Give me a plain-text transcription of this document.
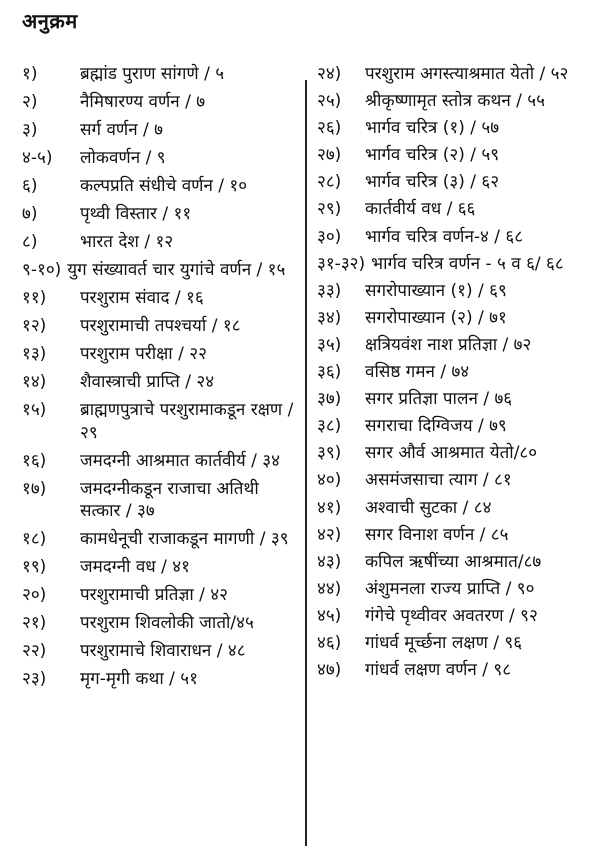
अनुक्रम
१)	ब्रह्मांड पुराण सांगणे / ५
२)	नैमिषारण्य वर्णन / ७
३)	सर्ग वर्णन / ७
४-५)	लोकवर्णन / ९
६)	कल्पप्रति संधीचे वर्णन / १०
७)	पृथ्वी विस्तार / ११
८)	भारत देश / १२
९-१०) युग संख्यावर्त चार युगांचे वर्णन / १५
११)	परशुराम संवाद / १६
१२)	परशुरामाची तपश्चर्या / १८
१३)	परशुराम परीक्षा / २२
१४)	शैवास्त्राची प्राप्ति / २४
१५)	ब्राह्मणपुत्राचे परशुरामाकडून रक्षण / २९
१६)	जमदग्नी आश्रमात कार्तवीर्य / ३४
१७)	जमदग्नीकडून राजाचा अतिथी सत्कार / ३७
१८)	कामधेनूची राजाकडून मागणी / ३९
१९)	जमदग्नी वध / ४१
२०)	परशुरामाची प्रतिज्ञा / ४२
२१)	परशुराम शिवलोकी जातो/४५
२२)	परशुरामाचे शिवाराधन / ४८
२३)	मृग-मृगी कथा / ५१
२४)	परशुराम अगस्त्याश्रमात येतो / ५२
२५)	श्रीकृष्णामृत स्तोत्र कथन / ५५
२६)	भार्गव चरित्र (१) / ५७
२७)	भार्गव चरित्र (२) / ५९
२८)	भार्गव चरित्र (३) / ६२
२९)	कार्तवीर्य वध / ६६
३०)	भार्गव चरित्र वर्णन-४ / ६८
३१-३२) भार्गव चरित्र वर्णन - ५ व ६/ ६८
३३)	सगरोपाख्यान (१) / ६९
३४)	सगरोपाख्यान (२) / ७१
३५)	क्षत्रियवंश नाश प्रतिज्ञा / ७२
३६)	वसिष्ठ गमन / ७४
३७)	सगर प्रतिज्ञा पालन / ७६
३८)	सगराचा दिग्विजय / ७९
३९)	सगर और्व आश्रमात येतो/८०
४०)	असमंजसाचा त्याग / ८१
४१)	अश्वाची सुटका / ८४
४२)	सगर विनाश वर्णन / ८५
४३)	कपिल ऋषींच्या आश्रमात/८७
४४)	अंशुमनला राज्य प्राप्ति / ९०
४५)	गंगेचे पृथ्वीवर अवतरण / ९२
४६)	गांधर्व मूर्च्छना लक्षण / ९६
४७)	गांधर्व लक्षण वर्णन / ९८
